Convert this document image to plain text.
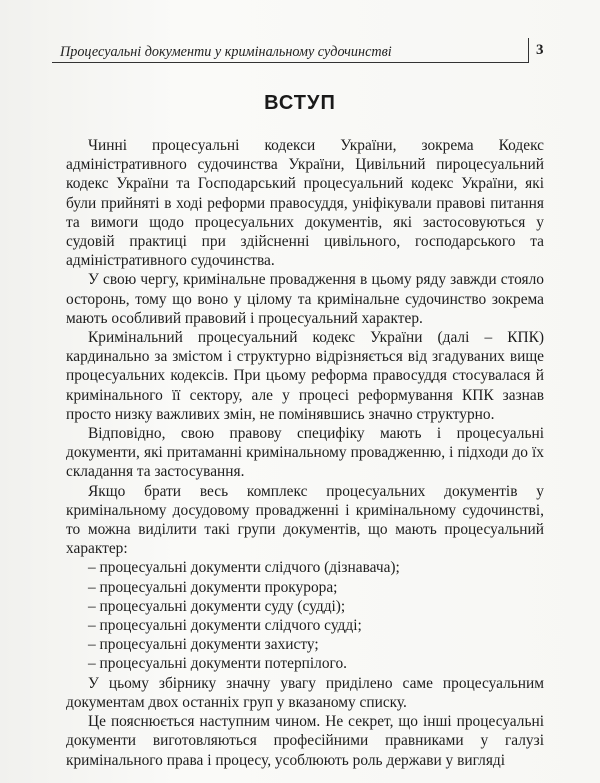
Процесуальні документи у кримінальному судочинстві	3
ВСТУП

Чинні процесуальні кодекси України, зокрема Кодекс адміністративного судочинства України, Цивільний пироцесуальний кодекс України та Господарський процесуальний кодекс України, які були прийняті в ході реформи правосуддя, уніфікували правові питання та вимоги щодо процесуальних документів, які застосовуються у судовій практиці при здійсненні цивільного, господарського та адміністративного судочинства.

У свою чергу, кримінальне провадження в цьому ряду завжди стояло осторонь, тому що воно у цілому та кримінальне судочинство зокрема мають особливий правовий і процесуальний характер.

Кримінальний процесуальний кодекс України (далі – КПК) кардинально за змістом і структурно відрізняється від згадуваних вище процесуальних кодексів. При цьому реформа правосуддя стосувалася й кримінального її сектору, але у процесі реформування КПК зазнав просто низку важливих змін, не помінявшись значно структурно.

Відповідно, свою правову специфіку мають і процесуальні документи, які притаманні кримінальному провадженню, і підходи до їх складання та застосування.

Якщо брати весь комплекс процесуальних документів у кримінальному досудовому провадженні і кримінальному судочинстві, то можна виділити такі групи документів, що мають процесуальний характер:

– процесуальні документи слідчого (дізнавача);
– процесуальні документи прокурора;
– процесуальні документи суду (судді);
– процесуальні документи слідчого судді;
– процесуальні документи захисту;
– процесуальні документи потерпілого.

У цьому збірнику значну увагу приділено саме процесуальним документам двох останніх груп у вказаному списку.

Це пояснюється наступним чином. Не секрет, що інші процесуальні документи виготовляються професійними правниками у галузі кримінального права і процесу, усоблюють роль держави у вигляді
